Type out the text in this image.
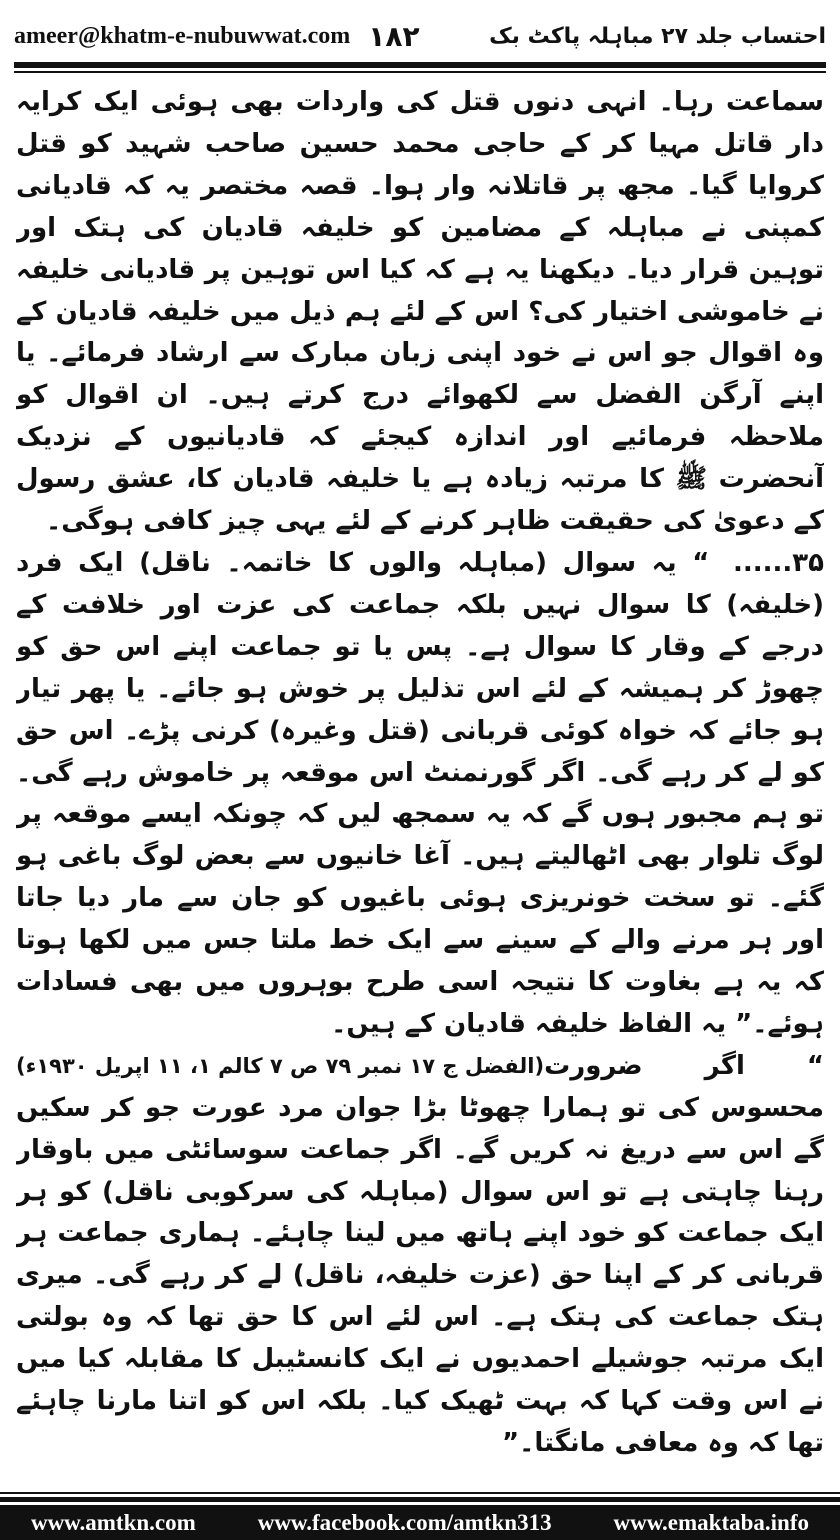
ameer@khatm-e-nubuwwat.com ۱۸۲	احتساب جلد ۲۷ مباہلہ پاکٹ بک

سماعت رہا۔ انہی دنوں قتل کی واردات بھی ہوئی ایک کرایہ دار قاتل مہیا کر کے حاجی محمد حسین صاحب شہید کو قتل کروایا گیا۔ مجھ پر قاتلانہ وار ہوا۔ قصہ مختصر یہ کہ قادیانی کمپنی نے مباہلہ کے مضامین کو خلیفہ قادیان کی ہتک اور توہین قرار دیا۔ دیکھنا یہ ہے کہ کیا اس توہین پر قادیانی خلیفہ نے خاموشی اختیار کی؟ اس کے لئے ہم ذیل میں خلیفہ قادیان کے وہ اقوال جو اس نے خود اپنی زبان مبارک سے ارشاد فرمائے۔ یا اپنے آرگن الفضل سے لکھوائے درج کرتے ہیں۔ ان اقوال کو ملاحظہ فرمائیے اور اندازہ کیجئے کہ قادیانیوں کے نزدیک آنحضرت ﷺ کا مرتبہ زیادہ ہے یا خلیفہ قادیان کا، عشق رسول کے دعویٰ کی حقیقت ظاہر کرنے کے لئے یہی چیز کافی ہوگی۔

۳۵...... “ یہ سوال (مباہلہ والوں کا خاتمہ۔ ناقل) ایک فرد (خلیفہ) کا سوال نہیں بلکہ جماعت کی عزت اور خلافت کے درجے کے وقار کا سوال ہے۔ پس یا تو جماعت اپنے اس حق کو چھوڑ کر ہمیشہ کے لئے اس تذلیل پر خوش ہو جائے۔ یا پھر تیار ہو جائے کہ خواہ کوئی قربانی (قتل وغیرہ) کرنی پڑے۔ اس حق کو لے کر رہے گی۔ اگر گورنمنٹ اس موقعہ پر خاموش رہے گی۔ تو ہم مجبور ہوں گے کہ یہ سمجھ لیں کہ چونکہ ایسے موقعہ پر لوگ تلوار بھی اٹھالیتے ہیں۔ آغا خانیوں سے بعض لوگ باغی ہو گئے۔ تو سخت خونریزی ہوئی باغیوں کو جان سے مار دیا جاتا اور ہر مرنے والے کے سینے سے ایک خط ملتا جس میں لکھا ہوتا کہ یہ ہے بغاوت کا نتیجہ اسی طرح بوہروں میں بھی فسادات ہوئے۔” یہ الفاظ خلیفہ قادیان کے ہیں۔
(الفضل ج ۱۷ نمبر ۷۹ ص ۷ کالم ۱، ۱۱ اپریل ۱۹۳۰ء) “ اگر ضرورت محسوس کی تو ہمارا چھوٹا بڑا جوان مرد عورت جو کر سکیں گے اس سے دریغ نہ کریں گے۔ اگر جماعت سوسائٹی میں باوقار رہنا چاہتی ہے تو اس سوال (مباہلہ کی سرکوبی ناقل) کو ہر ایک جماعت کو خود اپنے ہاتھ میں لینا چاہئے۔ ہماری جماعت ہر قربانی کر کے اپنا حق (عزت خلیفہ، ناقل) لے کر رہے گی۔ میری ہتک جماعت کی ہتک ہے۔ اس لئے اس کا حق تھا کہ وہ بولتی ایک مرتبہ جوشیلے احمدیوں نے ایک کانسٹیبل کا مقابلہ کیا میں نے اس وقت کہا کہ بہت ٹھیک کیا۔ بلکہ اس کو اتنا مارنا چاہئے تھا کہ وہ معافی مانگتا۔”

www.amtkn.com	www.facebook.com/amtkn313	www.emaktaba.info
